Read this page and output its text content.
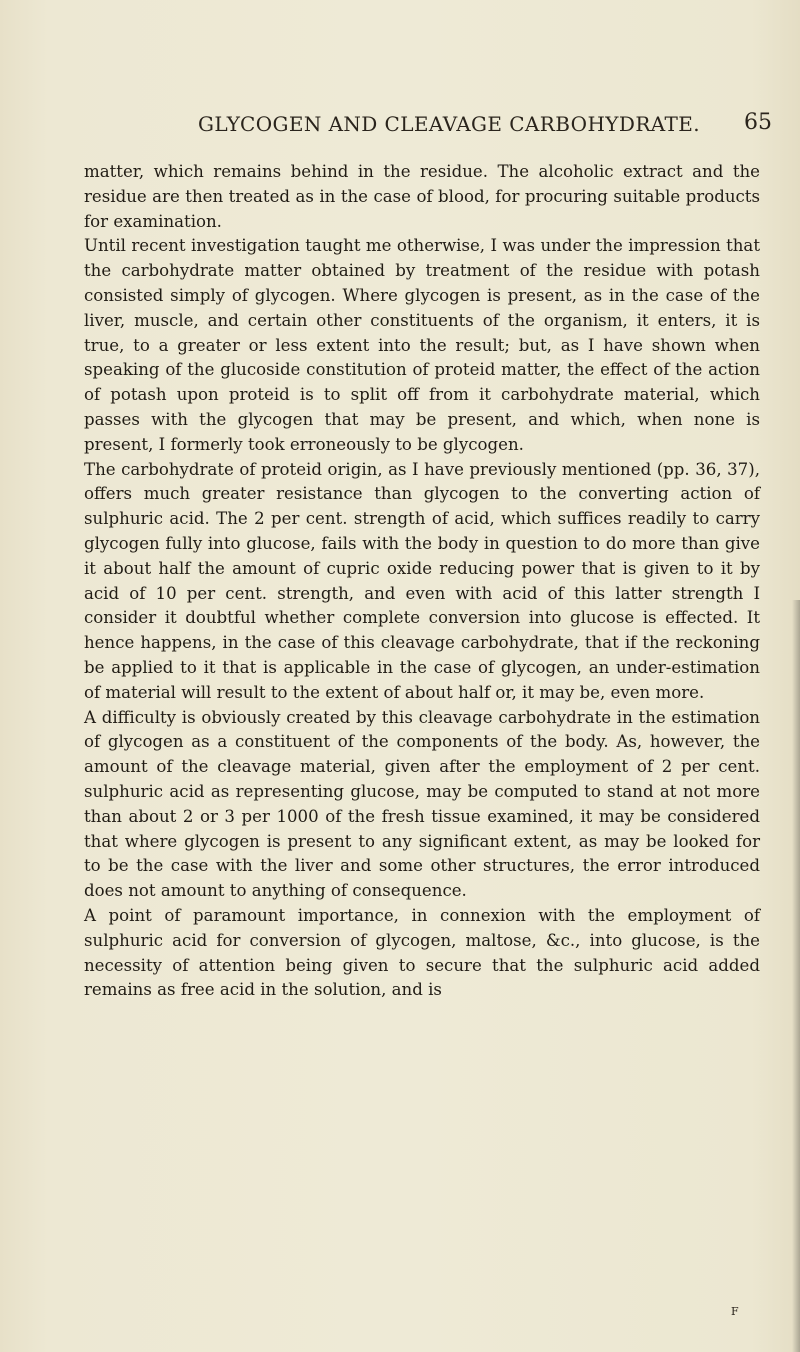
GLYCOGEN AND CLEAVAGE CARBOHYDRATE. 65

matter, which remains behind in the residue. The alcoholic extract and the residue are then treated as in the case of blood, for procuring suitable products for examination.

Until recent investigation taught me otherwise, I was under the impression that the carbohydrate matter obtained by treatment of the residue with potash consisted simply of glycogen. Where glycogen is present, as in the case of the liver, muscle, and certain other constituents of the organism, it enters, it is true, to a greater or less extent into the result; but, as I have shown when speaking of the glucoside constitution of proteid matter, the effect of the action of potash upon proteid is to split off from it carbohydrate material, which passes with the glycogen that may be present, and which, when none is present, I formerly took erroneously to be glycogen.

The carbohydrate of proteid origin, as I have previously mentioned (pp. 36, 37), offers much greater resistance than glycogen to the converting action of sulphuric acid. The 2 per cent. strength of acid, which suffices readily to carry glycogen fully into glucose, fails with the body in question to do more than give it about half the amount of cupric oxide reducing power that is given to it by acid of 10 per cent. strength, and even with acid of this latter strength I consider it doubtful whether complete conversion into glucose is effected. It hence happens, in the case of this cleavage carbohydrate, that if the reckoning be applied to it that is applicable in the case of glycogen, an under-estimation of material will result to the extent of about half or, it may be, even more.

A difficulty is obviously created by this cleavage carbohydrate in the estimation of glycogen as a constituent of the components of the body. As, however, the amount of the cleavage material, given after the employment of 2 per cent. sulphuric acid as representing glucose, may be computed to stand at not more than about 2 or 3 per 1000 of the fresh tissue examined, it may be considered that where glycogen is present to any significant extent, as may be looked for to be the case with the liver and some other structures, the error introduced does not amount to anything of consequence.

A point of paramount importance, in connexion with the employment of sulphuric acid for conversion of glycogen, maltose, &c., into glucose, is the necessity of attention being given to secure that the sulphuric acid added remains as free acid in the solution, and is

F
